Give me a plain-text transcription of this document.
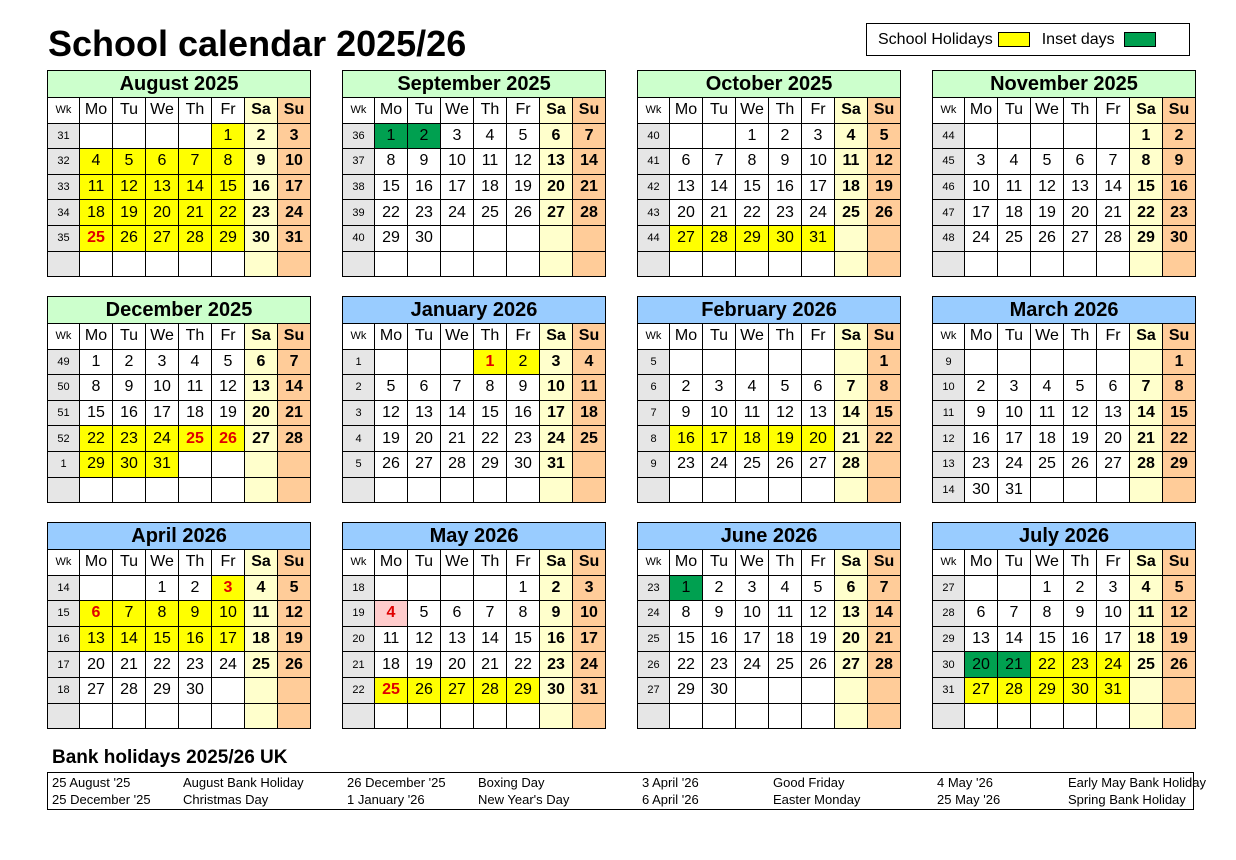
School calendar 2025/26	School Holidays	Inset days
August 2025							
Wk	Mo	Tu	We	Th	Fr	Sa	Su
31					1	2	3
32	4	5	6	7	8	9	10
33	11	12	13	14	15	16	17
34	18	19	20	21	22	23	24
35	25	26	27	28	29	30	31

September 2025							
Wk	Mo	Tu	We	Th	Fr	Sa	Su
36	1	2	3	4	5	6	7
37	8	9	10	11	12	13	14
38	15	16	17	18	19	20	21
39	22	23	24	25	26	27	28
40	29	30					

October 2025							
Wk	Mo	Tu	We	Th	Fr	Sa	Su
40			1	2	3	4	5
41	6	7	8	9	10	11	12
42	13	14	15	16	17	18	19
43	20	21	22	23	24	25	26
44	27	28	29	30	31		

November 2025							
Wk	Mo	Tu	We	Th	Fr	Sa	Su
44						1	2
45	3	4	5	6	7	8	9
46	10	11	12	13	14	15	16
47	17	18	19	20	21	22	23
48	24	25	26	27	28	29	30

December 2025							
Wk	Mo	Tu	We	Th	Fr	Sa	Su
49	1	2	3	4	5	6	7
50	8	9	10	11	12	13	14
51	15	16	17	18	19	20	21
52	22	23	24	25	26	27	28
1	29	30	31				

January 2026							
Wk	Mo	Tu	We	Th	Fr	Sa	Su
1				1	2	3	4
2	5	6	7	8	9	10	11
3	12	13	14	15	16	17	18
4	19	20	21	22	23	24	25
5	26	27	28	29	30	31	

February 2026							
Wk	Mo	Tu	We	Th	Fr	Sa	Su
5							1
6	2	3	4	5	6	7	8
7	9	10	11	12	13	14	15
8	16	17	18	19	20	21	22
9	23	24	25	26	27	28	

March 2026							
Wk	Mo	Tu	We	Th	Fr	Sa	Su
9							1
10	2	3	4	5	6	7	8
11	9	10	11	12	13	14	15
12	16	17	18	19	20	21	22
13	23	24	25	26	27	28	29
14	30	31					
April 2026							
Wk	Mo	Tu	We	Th	Fr	Sa	Su
14			1	2	3	4	5
15	6	7	8	9	10	11	12
16	13	14	15	16	17	18	19
17	20	21	22	23	24	25	26
18	27	28	29	30			

May 2026							
Wk	Mo	Tu	We	Th	Fr	Sa	Su
18					1	2	3
19	4	5	6	7	8	9	10
20	11	12	13	14	15	16	17
21	18	19	20	21	22	23	24
22	25	26	27	28	29	30	31

June 2026							
Wk	Mo	Tu	We	Th	Fr	Sa	Su
23	1	2	3	4	5	6	7
24	8	9	10	11	12	13	14
25	15	16	17	18	19	20	21
26	22	23	24	25	26	27	28
27	29	30					

July 2026							
Wk	Mo	Tu	We	Th	Fr	Sa	Su
27			1	2	3	4	5
28	6	7	8	9	10	11	12
29	13	14	15	16	17	18	19
30	20	21	22	23	24	25	26
31	27	28	29	30	31		

Bank holidays 2025/26 UK
25 August '25	August Bank Holiday
25 December '25 Christmas Day
26 December '25 Boxing Day
1 January '26	New Year's Day
3 April '26	Good Friday
6 April '26	Easter Monday
4 May '26	Early May Bank Holiday
25 May '26	Spring Bank Holiday
